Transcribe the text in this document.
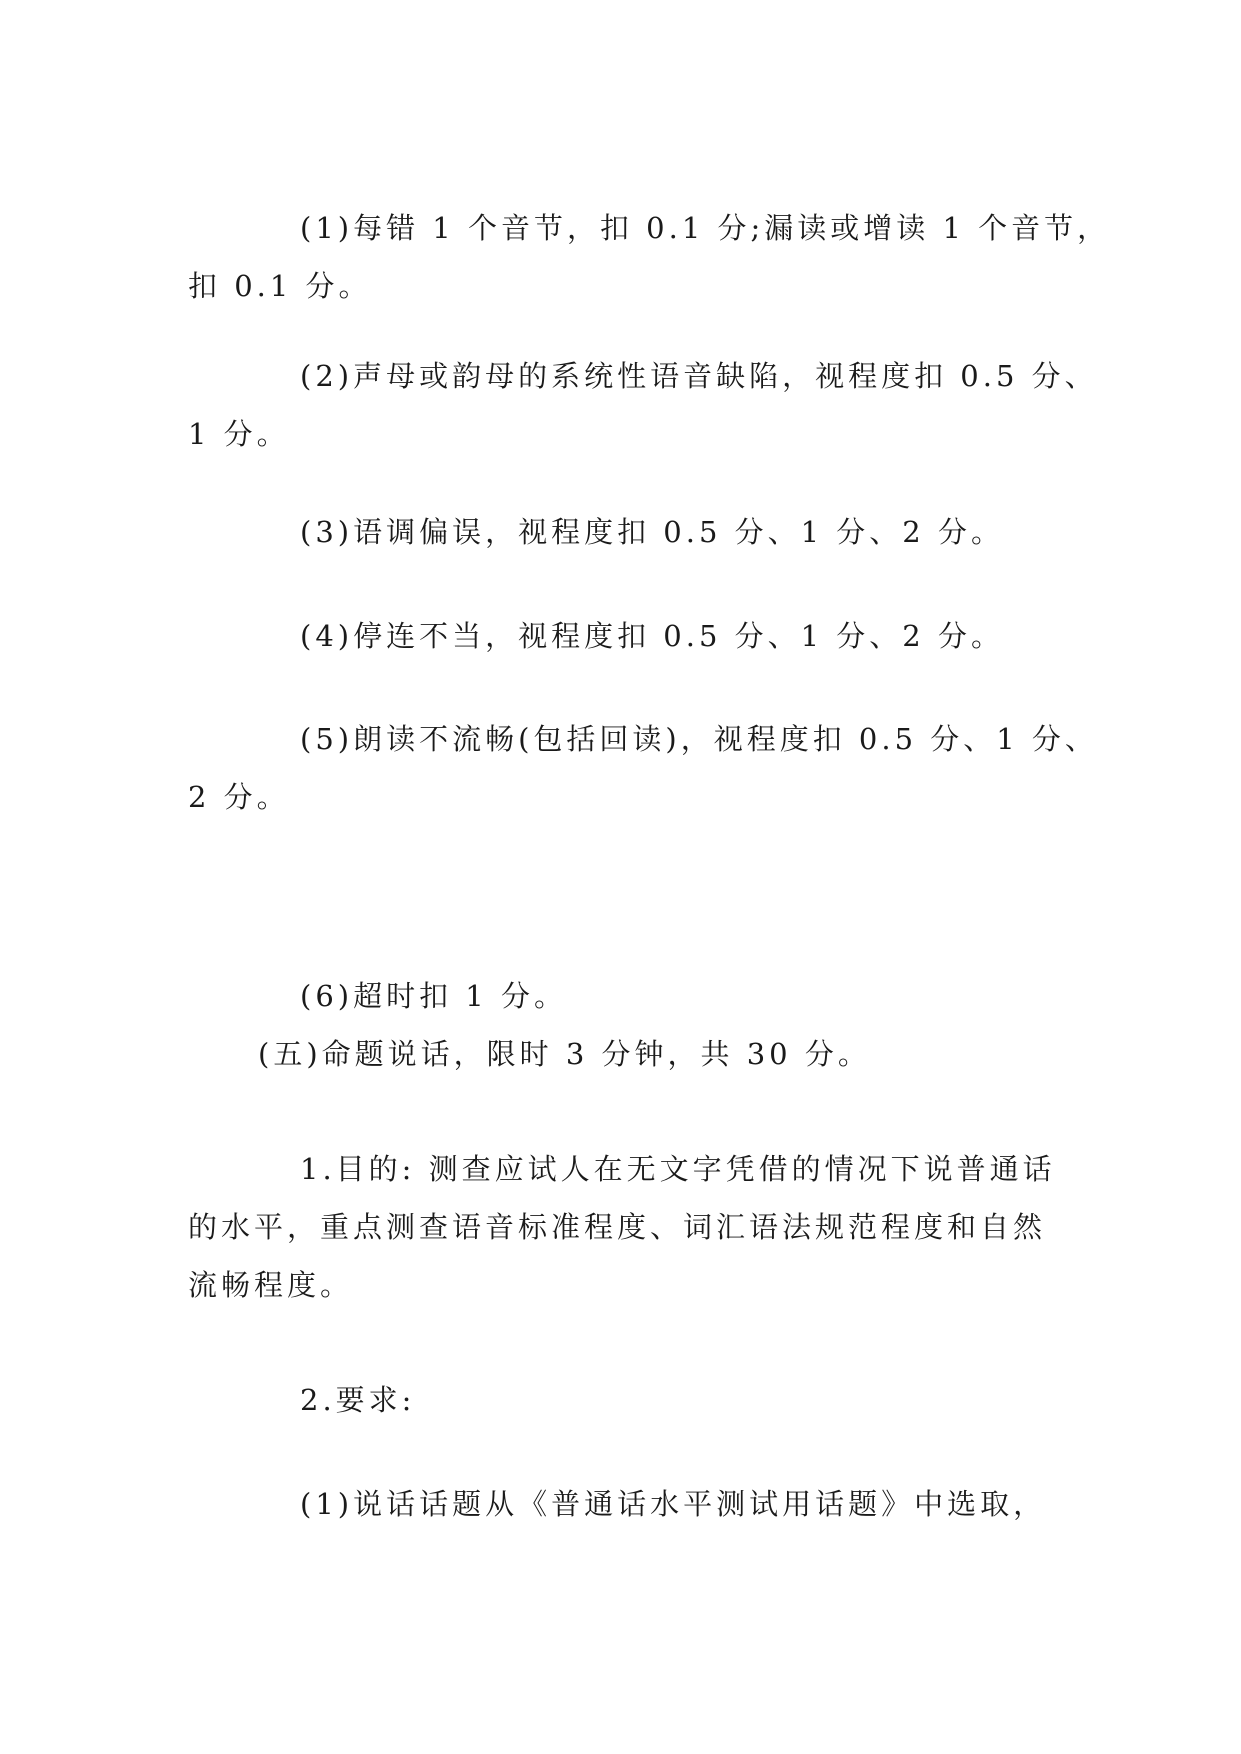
(1)每错 1 个音节，扣 0.1 分;漏读或增读 1 个音节，
扣 0.1 分。
(2)声母或韵母的系统性语音缺陷，视程度扣 0.5 分、
1 分。
(3)语调偏误，视程度扣 0.5 分、1 分、2 分。
(4)停连不当，视程度扣 0.5 分、1 分、2 分。
(5)朗读不流畅(包括回读)，视程度扣 0.5 分、1 分、
2 分。
(6)超时扣 1 分。
(五)命题说话，限时 3 分钟，共 30 分。
1.目的: 测查应试人在无文字凭借的情况下说普通话
的水平，重点测查语音标准程度、词汇语法规范程度和自然
流畅程度。
2.要求:
(1)说话话题从《普通话水平测试用话题》中选取，
